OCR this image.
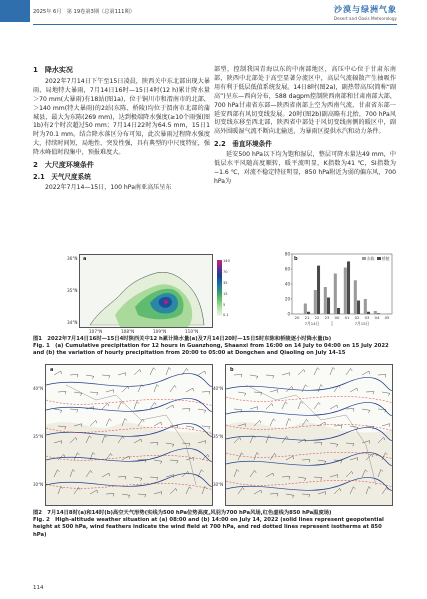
2025年 6月　第 19卷第3期（总第111期）	沙漠与绿洲气象
Desert and Oasis Meteorology
1　降水实况
2022年7月14日下午至15日凌晨，陕西关中东北部出现大暴雨、局地特大暴雨，7月14日16时—15日4时(12 h)累计降水量＞70 mm(大暴雨)有18站(图1a)，位于铜川市和渭南市的北部，＞140 mm(特大暴雨)的2站(东陈、桥陵)均位于渭南市北部的蒲城县，最大为东陈(269 mm)，达到极端降水强度(≥10个雨强(图1b)有2个时次超过50 mm；7月14日22时为64.5 mm，15日1时为70.1 mm。结合降水落区分布可知，此次暴雨过程降水强度大，持续时间短，局地性、突发性强，具有典型的中尺度特征，强降水峰值时段集中，预报难度大。
2　大尺度环境条件
2.1　天气尺度系统
2022年7月14—15日，100 hPa南亚高压呈东
部型，控制我国青海以东的中南部地区，高压中心位于甘肃东南部，陕西中北部处于高空显著分流区中，高层气流辐散产生抽吸作用有利于低层低值系统发展。14日8时(图2a)，副热带高压(简称“副高”)呈东—西向分布，588 dagpm控制陕西南部和甘肃南部大部，700 hPa甘肃省东部—陕西省南部上空为西南气流，甘肃省东部一延安西部有风切变线发展。20时(图2b)副高略有北抬，700 hPa风切变线东移至西北部，陕西省中部处于风切变线南侧的暖区中，副高外围暖湿气流不断向北输送，为暴雨区提供水汽和动力条件。
2.2　垂直环境条件
延安500 hPa以下均为饱和湿层，整层可降水量达49 mm，中低层水平风随高度顺转，暖平流明显，K指数为41 ℃，SI指数为−1.6 ℃，对流不稳定特征明显，850 hPa附近为弱的偏东风，700 hPa为
a
36°N
35°N
34°N
107°N	108°N	109°N	110°N
140
70
35
15
5
0.1	0
20
40
60
80
20 21 22 23 00 01 02 03 04 05
7月14日	7月15日
东陈 桥陵
b
图1　2022年7月14日16时—15日4时陕西关中12 h累计降水量(a)及7月14日20时—15日5时东陈和桥陵逐小时降水量(b)
Fig. 1　(a) Cumulative precipitation for 12 hours in Guanzhong, Shaanxi from 16:00 on 14 July to 04:00 on 15 July 2022 and (b) the variation of hourly precipitation from 20:00 to 05:00 at Dongchen and Qiaoling on July 14-15
a
40°N
35°N
30°N
b
40°N
35°N
30°N
图2　7月14日8时(a)和14时(b)高空天气形势(实线为500 hPa位势高度,风羽为700 hPa风场,红色虚线为850 hPa温度场)
Fig. 2　High-altitude weather situation at (a) 08:00 and (b) 14:00 on July 14, 2022 (solid lines represent geopotential height at 500 hPa, wind feathers indicate the wind field at 700 hPa, and red dotted lines represent isotherms at 850 hPa)
114
